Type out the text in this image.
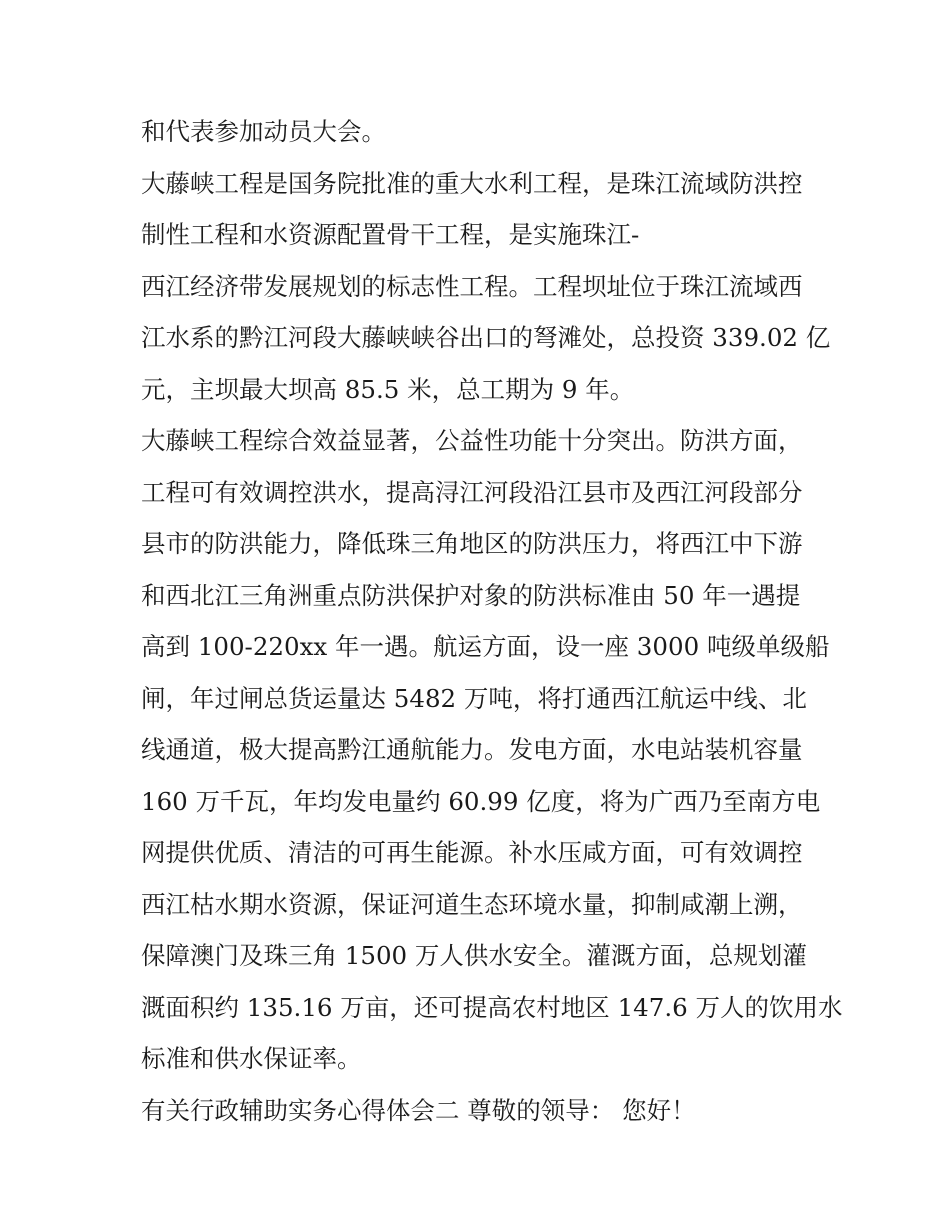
和代表参加动员大会。
大藤峡工程是国务院批准的重大水利工程，是珠江流域防洪控
制性工程和水资源配置骨干工程，是实施珠江-
西江经济带发展规划的标志性工程。工程坝址位于珠江流域西
江水系的黔江河段大藤峡峡谷出口的弩滩处，总投资 339.02 亿
元，主坝最大坝高 85.5 米，总工期为 9 年。
大藤峡工程综合效益显著，公益性功能十分突出。防洪方面，
工程可有效调控洪水，提高浔江河段沿江县市及西江河段部分
县市的防洪能力，降低珠三角地区的防洪压力，将西江中下游
和西北江三角洲重点防洪保护对象的防洪标准由 50 年一遇提
高到 100-220xx 年一遇。航运方面，设一座 3000 吨级单级船
闸，年过闸总货运量达 5482 万吨，将打通西江航运中线、北
线通道，极大提高黔江通航能力。发电方面，水电站装机容量
160 万千瓦，年均发电量约 60.99 亿度，将为广西乃至南方电
网提供优质、清洁的可再生能源。补水压咸方面，可有效调控
西江枯水期水资源，保证河道生态环境水量，抑制咸潮上溯，
保障澳门及珠三角 1500 万人供水安全。灌溉方面，总规划灌
溉面积约 135.16 万亩，还可提高农村地区 147.6 万人的饮用水
标准和供水保证率。
有关行政辅助实务心得体会二 尊敬的领导： 您好！
